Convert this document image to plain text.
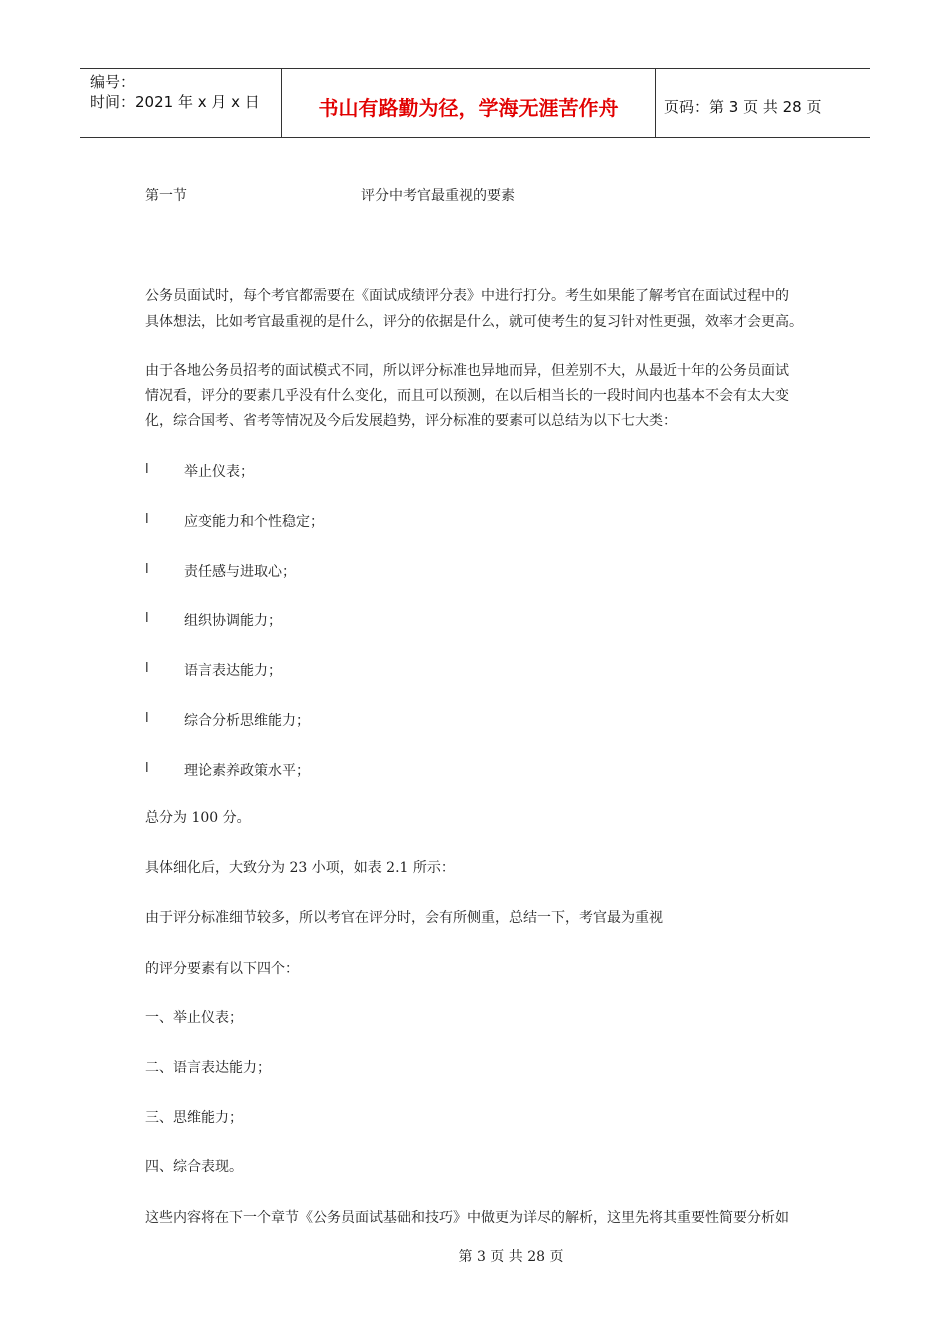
编号：
时间：2021 年 x 月 x 日	书山有路勤为径，学海无涯苦作舟	页码：第 3 页 共 28 页
第一节	评分中考官最重视的要素
公务员面试时，每个考官都需要在《面试成绩评分表》中进行打分。考生如果能了解考官在面试过程中的
具体想法，比如考官最重视的是什么，评分的依据是什么，就可使考生的复习针对性更强，效率才会更高。
由于各地公务员招考的面试模式不同，所以评分标准也异地而异，但差别不大，从最近十年的公务员面试
情况看，评分的要素几乎没有什么变化，而且可以预测，在以后相当长的一段时间内也基本不会有太大变
化，综合国考、省考等情况及今后发展趋势，评分标准的要素可以总结为以下七大类：
l	举止仪表；
l	应变能力和个性稳定；
l	责任感与进取心；
l	组织协调能力；
l	语言表达能力；
l	综合分析思维能力；
l	理论素养政策水平；
总分为 100 分。
具体细化后，大致分为 23 小项，如表 2.1 所示：
由于评分标准细节较多，所以考官在评分时，会有所侧重，总结一下，考官最为重视
的评分要素有以下四个：
一、举止仪表；
二、语言表达能力；
三、思维能力；
四、综合表现。
这些内容将在下一个章节《公务员面试基础和技巧》中做更为详尽的解析，这里先将其重要性简要分析如
第 3 页 共 28 页
